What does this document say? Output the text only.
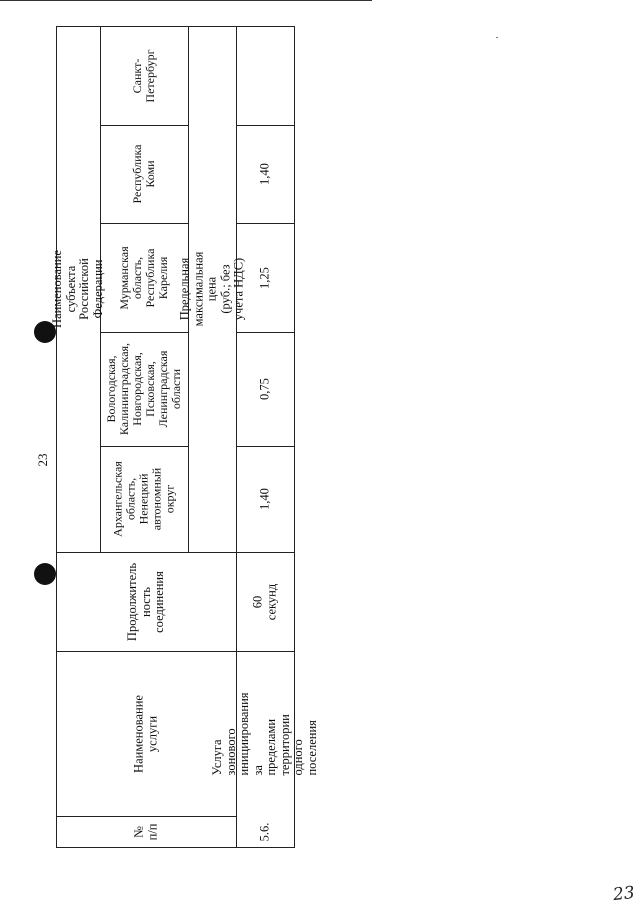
23
№
п/п
Наименование услуги
Продолжитель
ность
соединения
Наименование субъекта
Российской Федерации
Архангельская
область,
Ненецкий
автономный
округ
Вологодская,
Калининградская,
Новгородская,
Псковская,
Ленинградская
области
Мурманская
область,
Республика
Карелия
Республика
Коми
Санкт-
Петербург
Предельная максимальная цена
(руб.; без учета НДС)
5.6.
Услуга зонового
инициирования за
пределами территории
одного поселения
60 секунд
1,40
0,75
1,25
1,40
23
